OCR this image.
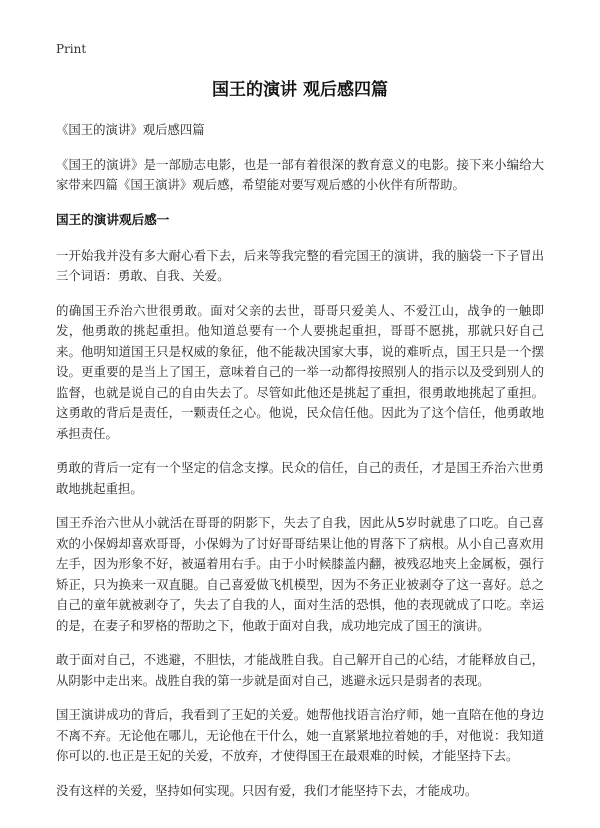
Print
国王的演讲 观后感四篇

《国王的演讲》观后感四篇

《国王的演讲》是一部励志电影，也是一部有着很深的教育意义的电影。接下来小编给大家带来四篇《国王演讲》观后感，希望能对要写观后感的小伙伴有所帮助。

国王的演讲观后感一

一开始我并没有多大耐心看下去，后来等我完整的看完国王的演讲，我的脑袋一下子冒出三个词语：勇敢、自我、关爱。

的确国王乔治六世很勇敢。面对父亲的去世，哥哥只爱美人、不爱江山，战争的一触即发，他勇敢的挑起重担。他知道总要有一个人要挑起重担，哥哥不愿挑，那就只好自己来。他明知道国王只是权威的象征，他不能裁决国家大事，说的难听点，国王只是一个摆设。更重要的是当上了国王，意味着自己的一举一动都得按照别人的指示以及受到别人的监督，也就是说自己的自由失去了。尽管如此他还是挑起了重担，很勇敢地挑起了重担。这勇敢的背后是责任，一颗责任之心。他说，民众信任他。因此为了这个信任，他勇敢地承担责任。

勇敢的背后一定有一个坚定的信念支撑。民众的信任，自己的责任，才是国王乔治六世勇敢地挑起重担。

国王乔治六世从小就活在哥哥的阴影下，失去了自我，因此从5岁时就患了口吃。自己喜欢的小保姆却喜欢哥哥，小保姆为了讨好哥哥结果让他的胃落下了病根。从小自己喜欢用左手，因为形象不好，被逼着用右手。由于小时候膝盖内翻，被残忍地夹上金属板，强行矫正，只为换来一双直腿。自己喜爱做飞机模型，因为不务正业被剥夺了这一喜好。总之自己的童年就被剥夺了，失去了自我的人，面对生活的恐惧，他的表现就成了口吃。幸运的是，在妻子和罗格的帮助之下，他敢于面对自我，成功地完成了国王的演讲。

敢于面对自己，不逃避，不胆怯，才能战胜自我。自己解开自己的心结，才能释放自己，从阴影中走出来。战胜自我的第一步就是面对自己，逃避永远只是弱者的表现。

国王演讲成功的背后，我看到了王妃的关爱。她帮他找语言治疗师，她一直陪在他的身边不离不弃。无论他在哪儿，无论他在干什么，她一直紧紧地拉着她的手，对他说：我知道你可以的.也正是王妃的关爱，不放弃，才使得国王在最艰难的时候，才能坚持下去。

没有这样的关爱，坚持如何实现。只因有爱，我们才能坚持下去，才能成功。
